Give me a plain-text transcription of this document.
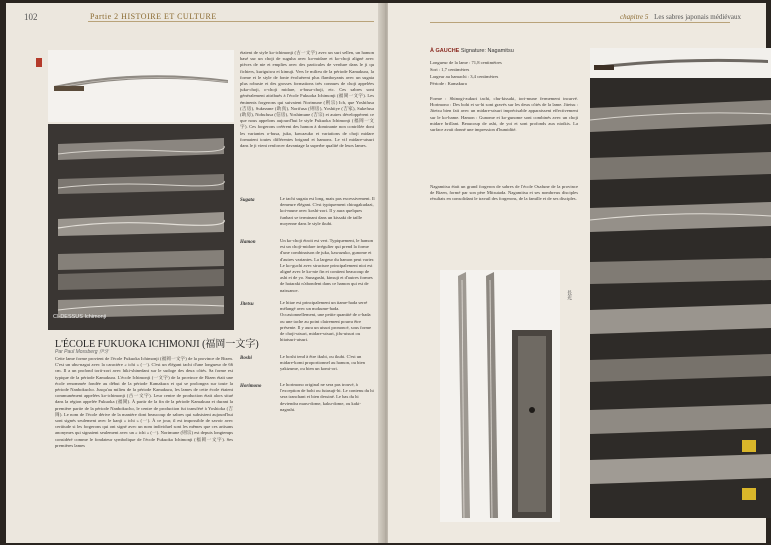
102	Partie 2 HISTOIRE ET CULTURE
CI-DESSUS Ichimonji
L'ÉCOLE FUKUOKA ICHIMONJI (福岡一文字)
Par Paul Mossberg 伊牙
Cette lame forme provient de l'école Fukuoka Ichimonji (福岡一文字) de la province de Bizen. C'est un ubu-nagai avec la caractère « ichi » (一). C'est un élégant tachi d'une longueur de 66 cm. Il a un profond torii-zori avec hiki-shinedant sur le sudoge des deux côtés. Sa forme est typique de la période Kamakura. L'école Ichimonji (一文字) de la province de Bizen était une école renommée fondée au début de la période Kamakura et qui se prolongea sur toute la période Nanbokucho. Jusqu'au milieu de la période Kamakura, les lames de cette école étaient communément appelées ko-ichimonji (古一文字). Leur centre de production était alors situé dans la région appelée Fukuoka (福岡). À partir de la fin de la période Kamakura et durant la première partie de la période Nanbokucho, le centre de production fut transféré à Yoshioka (吉岡). Le nom de l'école dérive de la manière dont beaucoup de sabres qui subsistent aujourd'hui sont signés seulement avec le kanji « ichi » (一). À ce jour, il est impossible de savoir avec certitude si les forgerons qui ont signé avec un nom individuel sont les mêmes que ces artisans anonymes qui signaient seulement avec un « ichi » (一). Norimune (則宗) est depuis longtemps considéré comme le fondateur symbolique de l'école Fukuoka Ichimonji (福岡一文字). Ses premières lames
étaient de style ko-ichimonji (古一文字) avec un suri sellen, un hamon basé sur un choji de suguha avec ko-midare et ko-choji aligné avec pièces de nie et emplies avec des particules de verdure dans le ji qu fichiers, kuriguiwa et kimuji. Vers le milieu de la période Kamakura, la forme et le style de fonte évoluèrent plus flamboyants avec un sugata plus robuste et des grosses formations très connues de choji appelées juka-choji, o-choji midare, o-busa-choji, etc. Ces sabres sont généralement attribués à l'école Fukuoka Ichimonji (福岡一文字). Les éminents forgerons qui suivaient Norimune (則宗) Ich, que Yoshifusa (吉房), Sukezane (助真), Norifusa (則房), Yoshiiye (吉家), Sukefusa (助房), Nobufusa (信房), Yoshimune (吉宗) et autres développèrent ce que nous appelons aujourd'hui le style Fukuoka Ichimonji (福岡一文字). Ces forgerons créèrent des hamon à dominante non contrôlée dont les variantes o-busa, juka, kawazuko et variations de choji midare formaient toutes différentes brigand et hamons. Le vif midare-utsuri dans le ji vient renforcer davantage la superbe qualité de leurs lames.
Sugata	Le tachi sugata est long, mais pas excessivement. Il demeure élégant. C'est typiquement chiragakudazi, koi-mune avec koshi-zori. Il y aura quelques funbari se terminant dans un kissaki de taille moyenne dans le style ikubi.
Hamon	Un ko-choji étroit est vert. Typiquement, le hamon est un choji-midare irrégulier qui prend la forme d'une combinaison de juka, kawazuko, gunome et d'autres variantes. La largeur du hamon peut varier. Le ko-guchi avec structure principalement nioi est aligné avec le ko-nie fin et contient beaucoup de ashi et de yo. Sunagashi, kinsuji et d'autres formes de hataraki n'abondent dans ce hamon qui est de naissance.
Jitetsu	Le hitae est principalement un itame-hada serré mélangé avec un mokume-hada. Occasionnellement, une petite quantité de o-hada ou une tache au point clairement pourra être présente. Il y aura un utsuri prononcé, sous forme de choji-utsuri, midare-utsuri, jifu-utsuri ou hitatsuri-utsuri.
Boshi	Le boshi tend à être ikubi, ou ikubi. C'est un midare-komi proportionnel au hamon, ou bien yakizume, ou bien un komi-ori.
Horimono	Le horimono original ne sera pas trouvé, à l'exception de bohi ou futasuji-hi. Le contenu du hi sera tranchant et bien dessiné. Le bas du hi deviendra maru-dome, kaku-dome, ou kaki-nagashi.
chapitre 5 Les sabres japonais médiévaux
À GAUCHE Signature: Nagamitsu
Longueur de la lame : 71,8 centimètres
Sori : 1,7 centimètres
Largeur au hamachi : 3,4 centimètres
Période : Kamakura
Forme : Shinogi-zukuri tachi, chu-kissaki, iori-mune fermement incurvé. Horimono : Des bohi et so-hi sont gravés sur les deux côtés de la lame. Jitetsu : Jitetsu bien fait avec un midare-utsuri imprécisable apparaissent effectivement sur le ko-hame. Hamon : Gunome et ko-gunome sont combinés avec un choji midare brillant. Beaucoup de ashi, de yoi et sont profonds aux nioikis. La surface avait donné une impression d'humidité.
Nagamitsu était un grand forgeron de sabres de l'école Osafune de la province de Bizen, formé par son père Mitsutada. Nagamitsu et ses nombreux disciples résultats en consolidant le travail des forgerons, de la famille et de ses disciples.
長光
